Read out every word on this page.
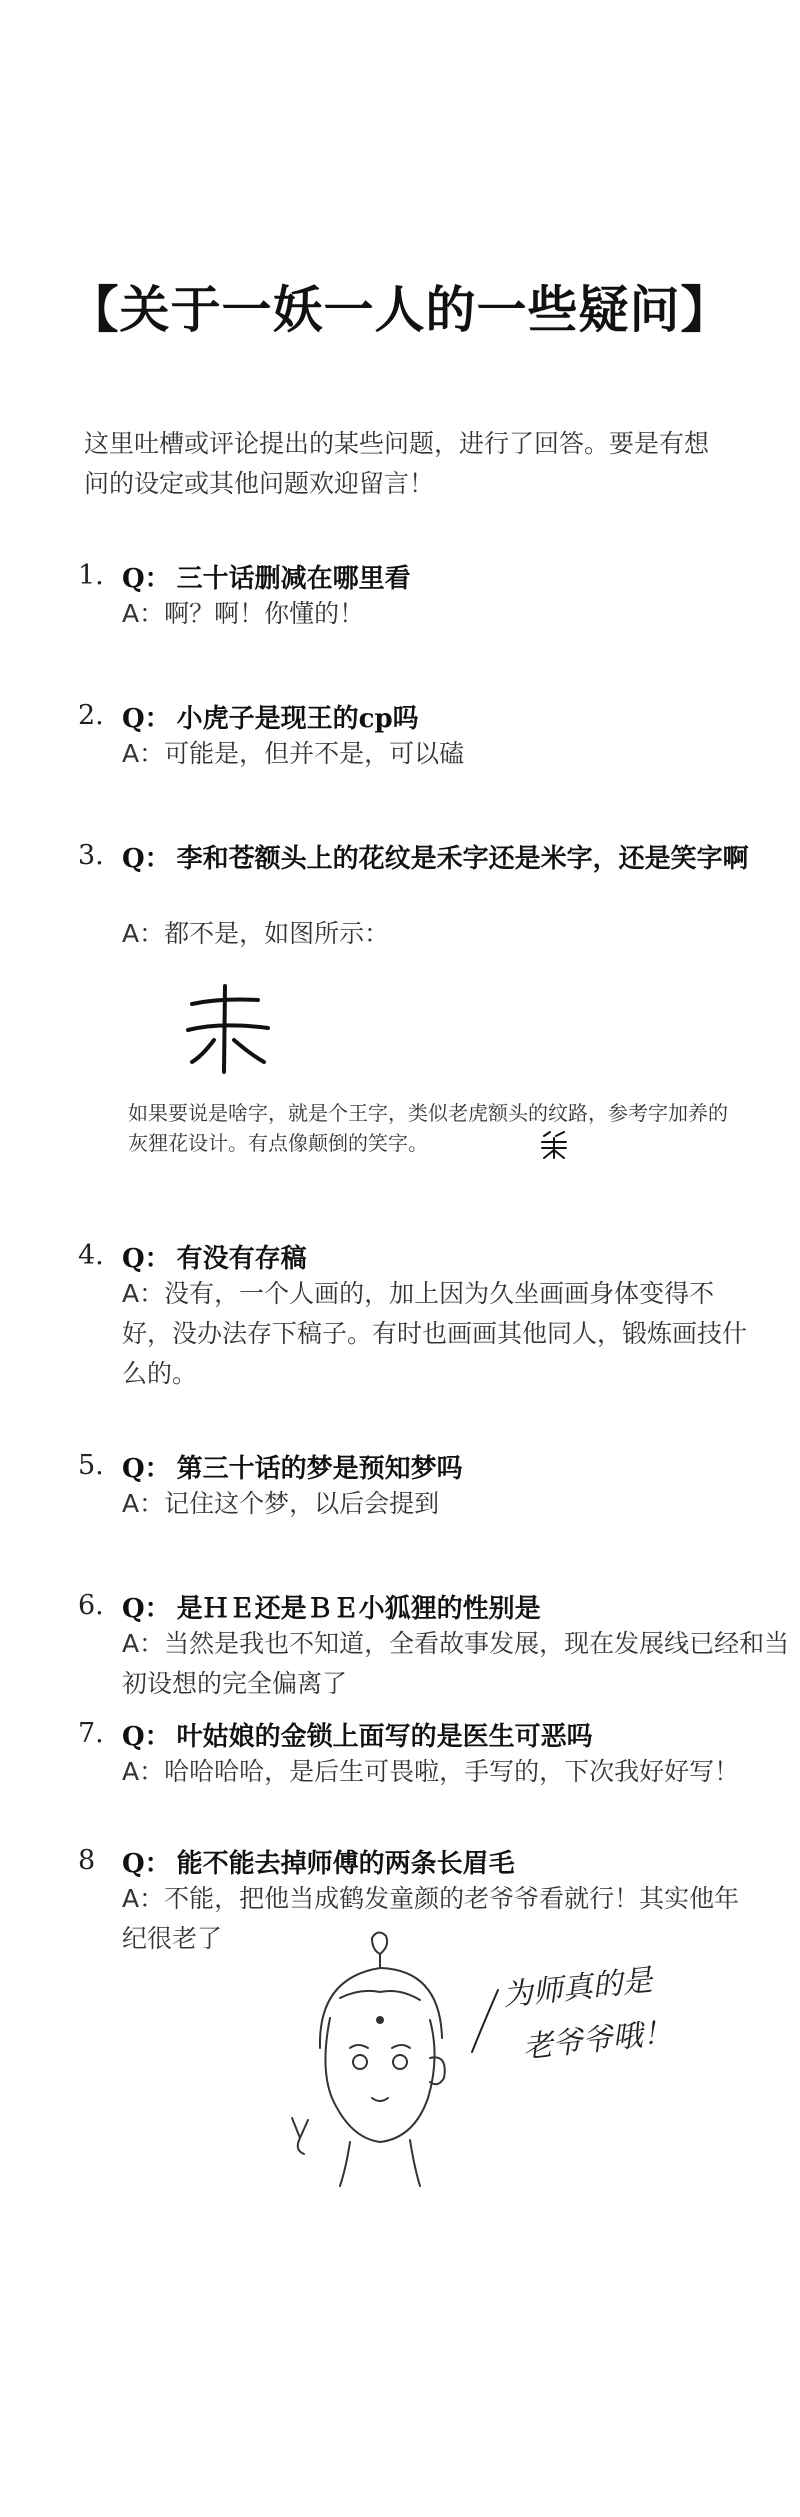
【关于一妖一人的一些疑问】
这里吐槽或评论提出的某些问题，进行了回答。要是有想问的设定或其他问题欢迎留言！
1. Q： 三十话删减在哪里看
A：啊？啊！你懂的！
2. Q： 小虎子是现王的cp吗
A：可能是，但并不是，可以磕
3. Q： 李和苍额头上的花纹是禾字还是米字，还是笑字啊
A：都不是，如图所示：
如果要说是啥字，就是个王字，类似老虎额头的纹路，参考字加养的灰狸花设计。有点像颠倒的笑字。
4. Q： 有没有存稿
A：没有，一个人画的，加上因为久坐画画身体变得不好，没办法存下稿子。有时也画画其他同人，锻炼画技什么的。
5. Q： 第三十话的梦是预知梦吗
A：记住这个梦，以后会提到
6. Q： 是ＨＥ还是ＢＥ小狐狸的性别是
A：当然是我也不知道，全看故事发展，现在发展线已经和当初设想的完全偏离了
7. Q： 叶姑娘的金锁上面写的是医生可恶吗
A：哈哈哈哈，是后生可畏啦，手写的，下次我好好写！
8 Q： 能不能去掉师傅的两条长眉毛
A：不能，把他当成鹤发童颜的老爷爷看就行！其实他年纪很老了
为师真的是
老爷爷哦！
